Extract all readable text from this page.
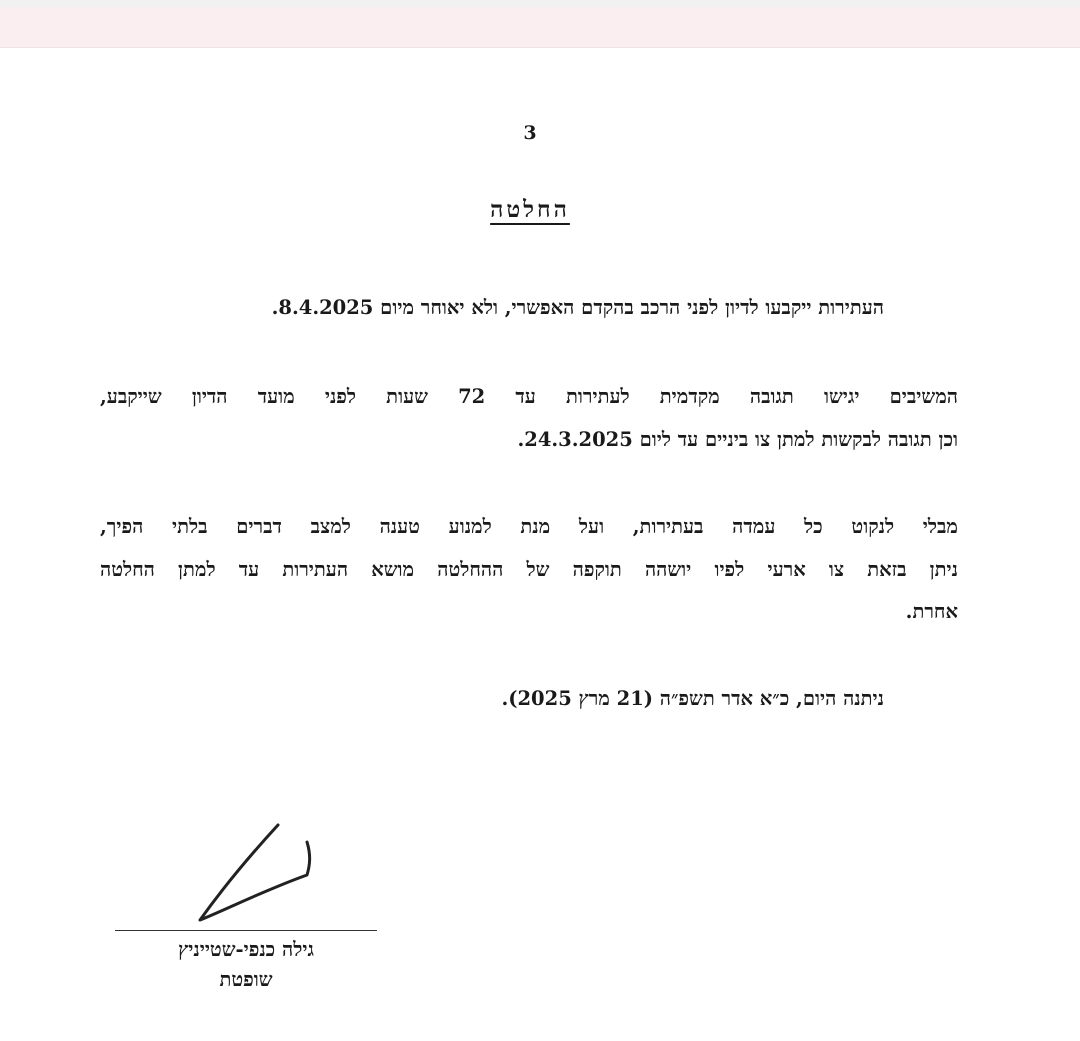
3
החלטה
העתירות ייקבעו לדיון לפני הרכב בהקדם האפשרי, ולא יאוחר מיום 8.4.2025.
המשיבים יגישו תגובה מקדמית לעתירות עד 72 שעות לפני מועד הדיון שייקבע,
וכן תגובה לבקשות למתן צו ביניים עד ליום 24.3.2025.
מבלי לנקוט כל עמדה בעתירות, ועל מנת למנוע טענה למצב דברים בלתי הפיך,
ניתן בזאת צו ארעי לפיו יושהה תוקפה של ההחלטה מושא העתירות עד למתן החלטה
אחרת.
ניתנה היום, כ״א אדר תשפ״ה (21 מרץ 2025).
גילה כנפי-שטייניץ
שופטת
